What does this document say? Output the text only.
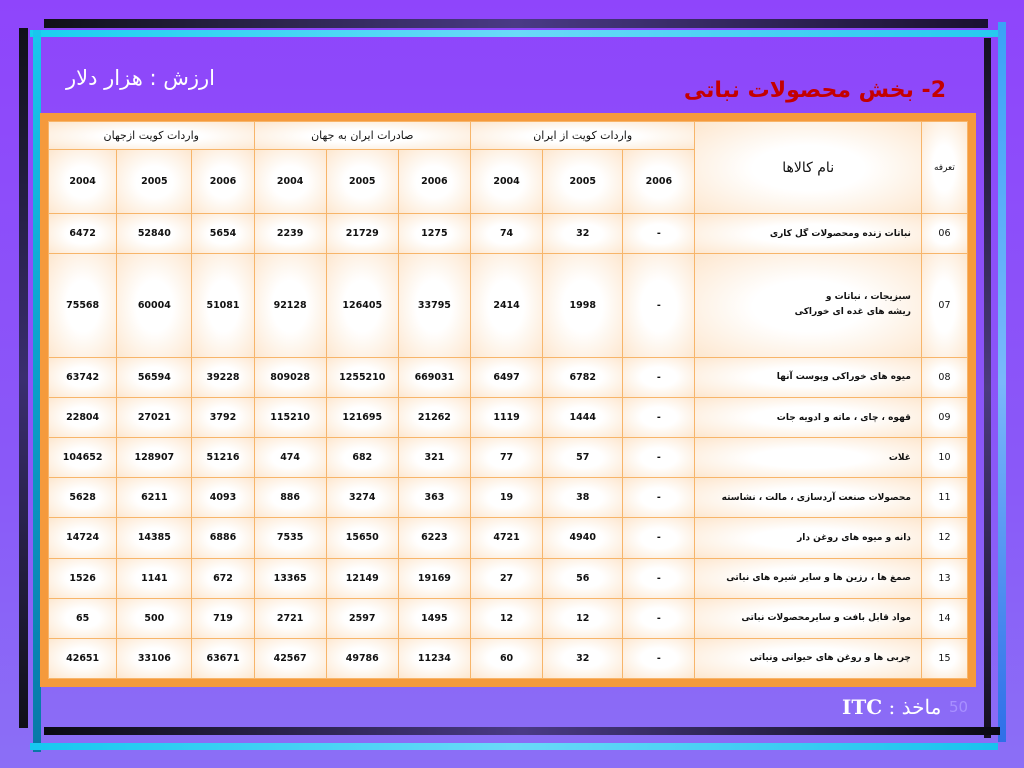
ارزش : هزار دلار	2- بخش محصولات نباتی
تعرفه	نام کالاها	واردات کویت از ایران			صادرات ایران به جهان			واردات کویت ازجهان		
		2006	2005	2004	2006	2005	2004	2006	2005	2004
06	نباتات زنده ومحصولات گل کاری	-	32	74	1275	21729	2239	5654	52840	6472
07	سبزیجات ، نباتات و
ریشه های غده ای خوراکی	-	1998	2414	33795	126405	92128	51081	60004	75568
08	میوه های خوراکی وپوست آنها	-	6782	6497	669031	1255210	809028	39228	56594	63742
09	قهوه ، چای ، ماته و ادویه جات	-	1444	1119	21262	121695	115210	3792	27021	22804
10	غلات	-	57	77	321	682	474	51216	128907	104652
11	محصولات صنعت آردسازی ، مالت ، نشاسته	-	38	19	363	3274	886	4093	6211	5628
12	دانه و میوه های روغن دار	-	4940	4721	6223	15650	7535	6886	14385	14724
13	صمغ ها ، رزین ها و سایر شیره های نباتی	-	56	27	19169	12149	13365	672	1141	1526
14	مواد قابل بافت و سایرمحصولات نباتی	-	12	12	1495	2597	2721	719	500	65
15	چربی ها و روغن های حیوانی ونباتی	-	32	60	11234	49786	42567	63671	33106	42651
ماخذ : ITC	50
